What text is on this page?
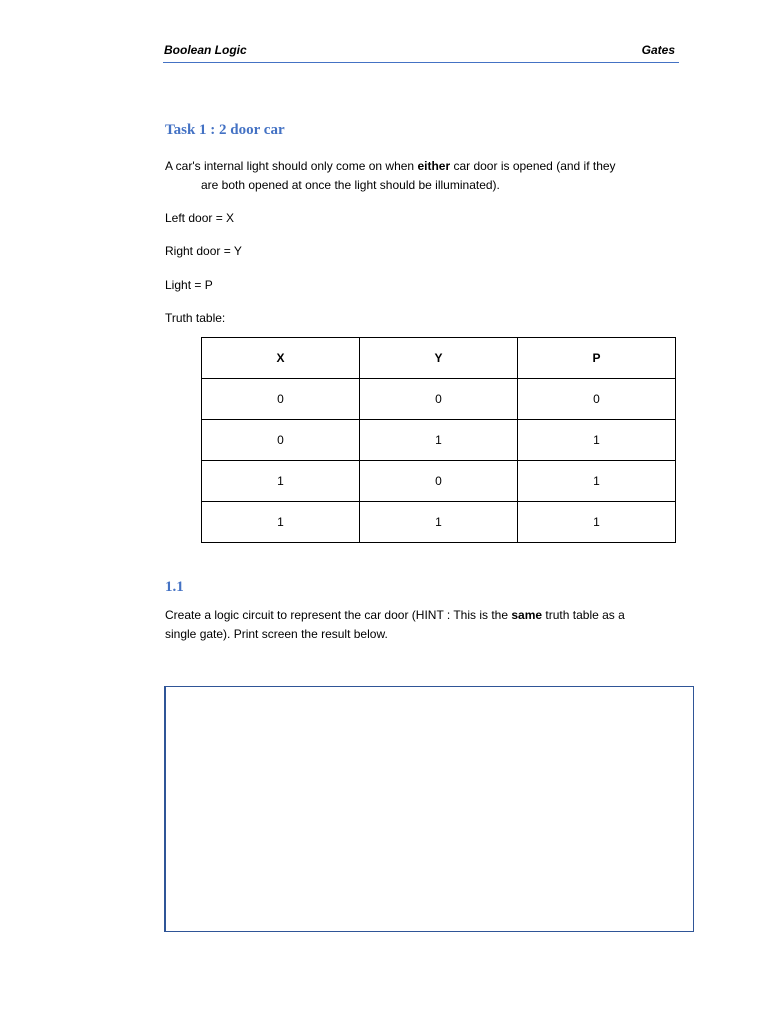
Boolean Logic	Gates
Task 1 : 2 door car
A car's internal light should only come on when either car door is opened (and if they
are both opened at once the light should be illuminated).
Left door = X
Right door = Y
Light = P
Truth table:
X	Y	P
0	0	0
0	1	1
1	0	1
1	1	1
1.1
Create a logic circuit to represent the car door (HINT : This is the same truth table as a
single gate). Print screen the result below.
